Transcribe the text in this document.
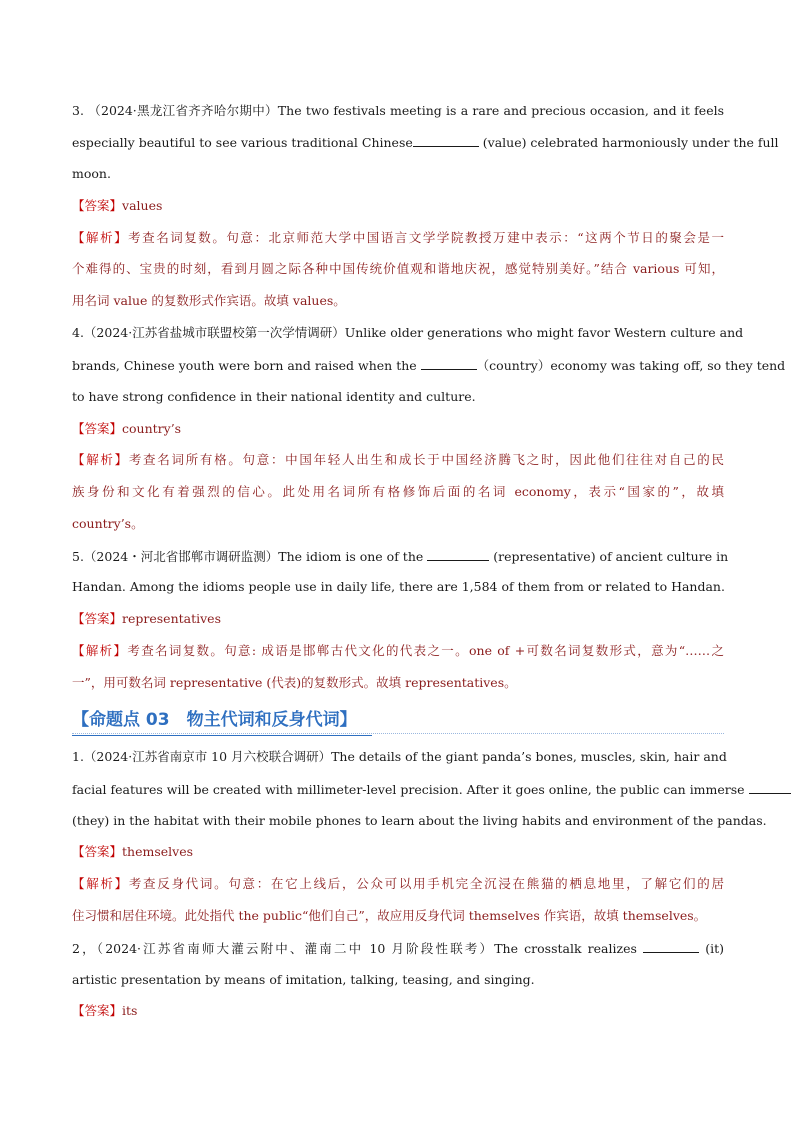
3. （2024·黑龙江省齐齐哈尔期中）The two festivals meeting is a rare and precious occasion, and it feels
especially beautiful to see various traditional Chinese	(value) celebrated harmoniously under the full
moon.
【答案】values
【解析】考查名词复数。句意：北京师范大学中国语言文学学院教授万建中表示：“这两个节日的聚会是一
个难得的、宝贵的时刻，看到月圆之际各种中国传统价值观和谐地庆祝，感觉特别美好。”结合 various 可知，
用名词 value 的复数形式作宾语。故填 values。
4.（2024·江苏省盐城市联盟校第一次学情调研）Unlike older generations who might favor Western culture and
brands, Chinese youth were born and raised when the	（country）economy was taking off, so they tend
to have strong confidence in their national identity and culture.
【答案】country’s
【解析】考查名词所有格。句意：中国年轻人出生和成长于中国经济腾飞之时，因此他们往往对自己的民
族身份和文化有着强烈的信心。此处用名词所有格修饰后面的名词 economy，表示“国家的”，故填
country’s。
5.（2024・河北省邯郸市调研监测）The idiom is one of the	(representative) of ancient culture in
Handan. Among the idioms people use in daily life, there are 1,584 of them from or related to Handan.
【答案】representatives
【解析】考查名词复数。句意: 成语是邯郸古代文化的代表之一。one of +可数名词复数形式，意为“……之
一”，用可数名词 representative (代表)的复数形式。故填 representatives。
【命题点 03　物主代词和反身代词】
1.（2024·江苏省南京市 10 月六校联合调研）The details of the giant panda’s bones, muscles, skin, hair and
facial features will be created with millimeter-level precision. After it goes online, the public can immerse
(they) in the habitat with their mobile phones to learn about the living habits and environment of the pandas.
【答案】themselves
【解析】考查反身代词。句意：在它上线后，公众可以用手机完全沉浸在熊猫的栖息地里，了解它们的居
住习惯和居住环境。此处指代 the public“他们自己”，故应用反身代词 themselves 作宾语，故填 themselves。
2，（2024·江苏省南师大灌云附中、灌南二中 10 月阶段性联考）The crosstalk realizes	(it)
artistic presentation by means of imitation, talking, teasing, and singing.
【答案】its
